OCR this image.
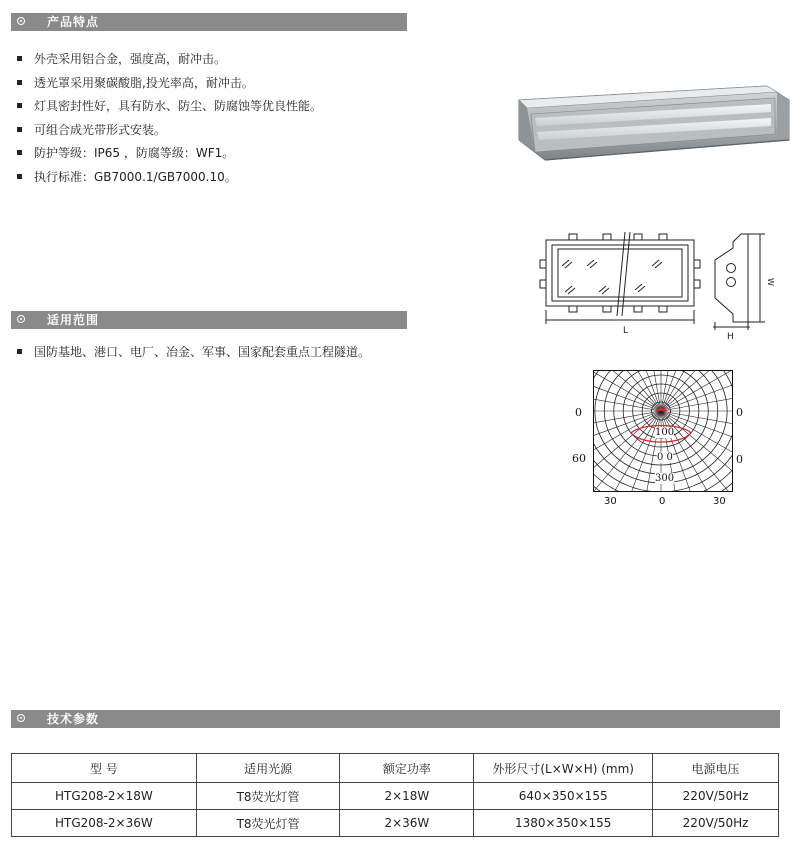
产品特点
外壳采用铝合金，强度高，耐冲击。
透光罩采用聚碳酸脂,投光率高，耐冲击。
灯具密封性好，具有防水、防尘、防腐蚀等优良性能。
可组合成光带形式安装。
防护等级：IP65 ，防腐等级：WF1。
执行标准：GB7000.1/GB7000.10。
L
H
W
适用范围
国防基地、港口、电厂、冶金、军事、国家配套重点工程隧道。
0	0
60	0
100
0 0
300
30	0	30
技术参数
型 号	适用光源	额定功率	外形尺寸(L×W×H) (mm)	电源电压
HTG208-2×18W	T8荧光灯管	2×18W	640×350×155	220V/50Hz
HTG208-2×36W	T8荧光灯管	2×36W	1380×350×155	220V/50Hz
